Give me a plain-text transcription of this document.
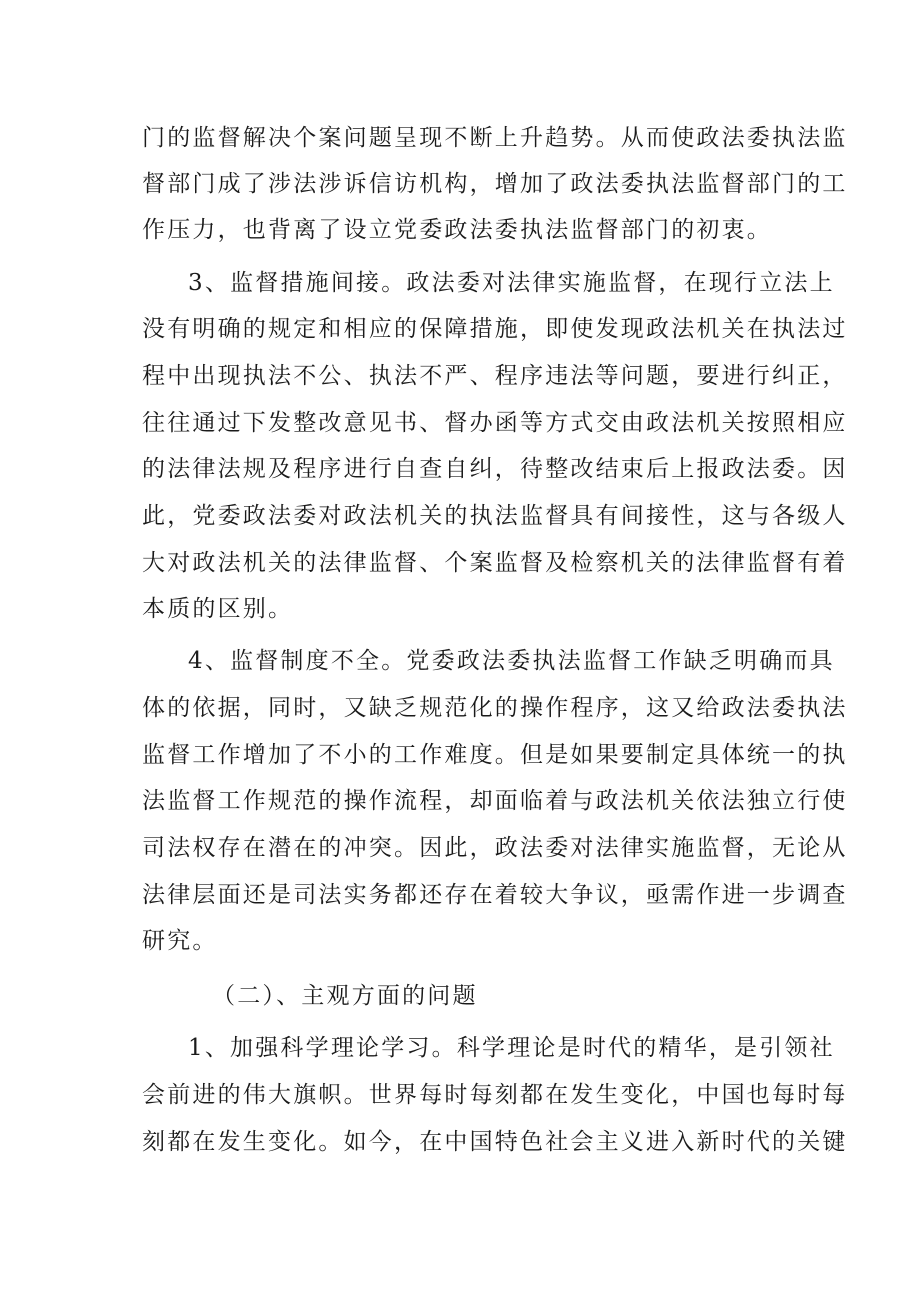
门的监督解决个案问题呈现不断上升趋势。从而使政法委执法监
督部门成了涉法涉诉信访机构，增加了政法委执法监督部门的工
作压力，也背离了设立党委政法委执法监督部门的初衷。
3、监督措施间接。政法委对法律实施监督，在现行立法上
没有明确的规定和相应的保障措施，即使发现政法机关在执法过
程中出现执法不公、执法不严、程序违法等问题，要进行纠正，
往往通过下发整改意见书、督办函等方式交由政法机关按照相应
的法律法规及程序进行自查自纠，待整改结束后上报政法委。因
此，党委政法委对政法机关的执法监督具有间接性，这与各级人
大对政法机关的法律监督、个案监督及检察机关的法律监督有着
本质的区别。
4、监督制度不全。党委政法委执法监督工作缺乏明确而具
体的依据，同时，又缺乏规范化的操作程序，这又给政法委执法
监督工作增加了不小的工作难度。但是如果要制定具体统一的执
法监督工作规范的操作流程，却面临着与政法机关依法独立行使
司法权存在潜在的冲突。因此，政法委对法律实施监督，无论从
法律层面还是司法实务都还存在着较大争议，亟需作进一步调查
研究。
（二）、主观方面的问题
1、加强科学理论学习。科学理论是时代的精华，是引领社
会前进的伟大旗帜。世界每时每刻都在发生变化，中国也每时每
刻都在发生变化。如今，在中国特色社会主义进入新时代的关键
